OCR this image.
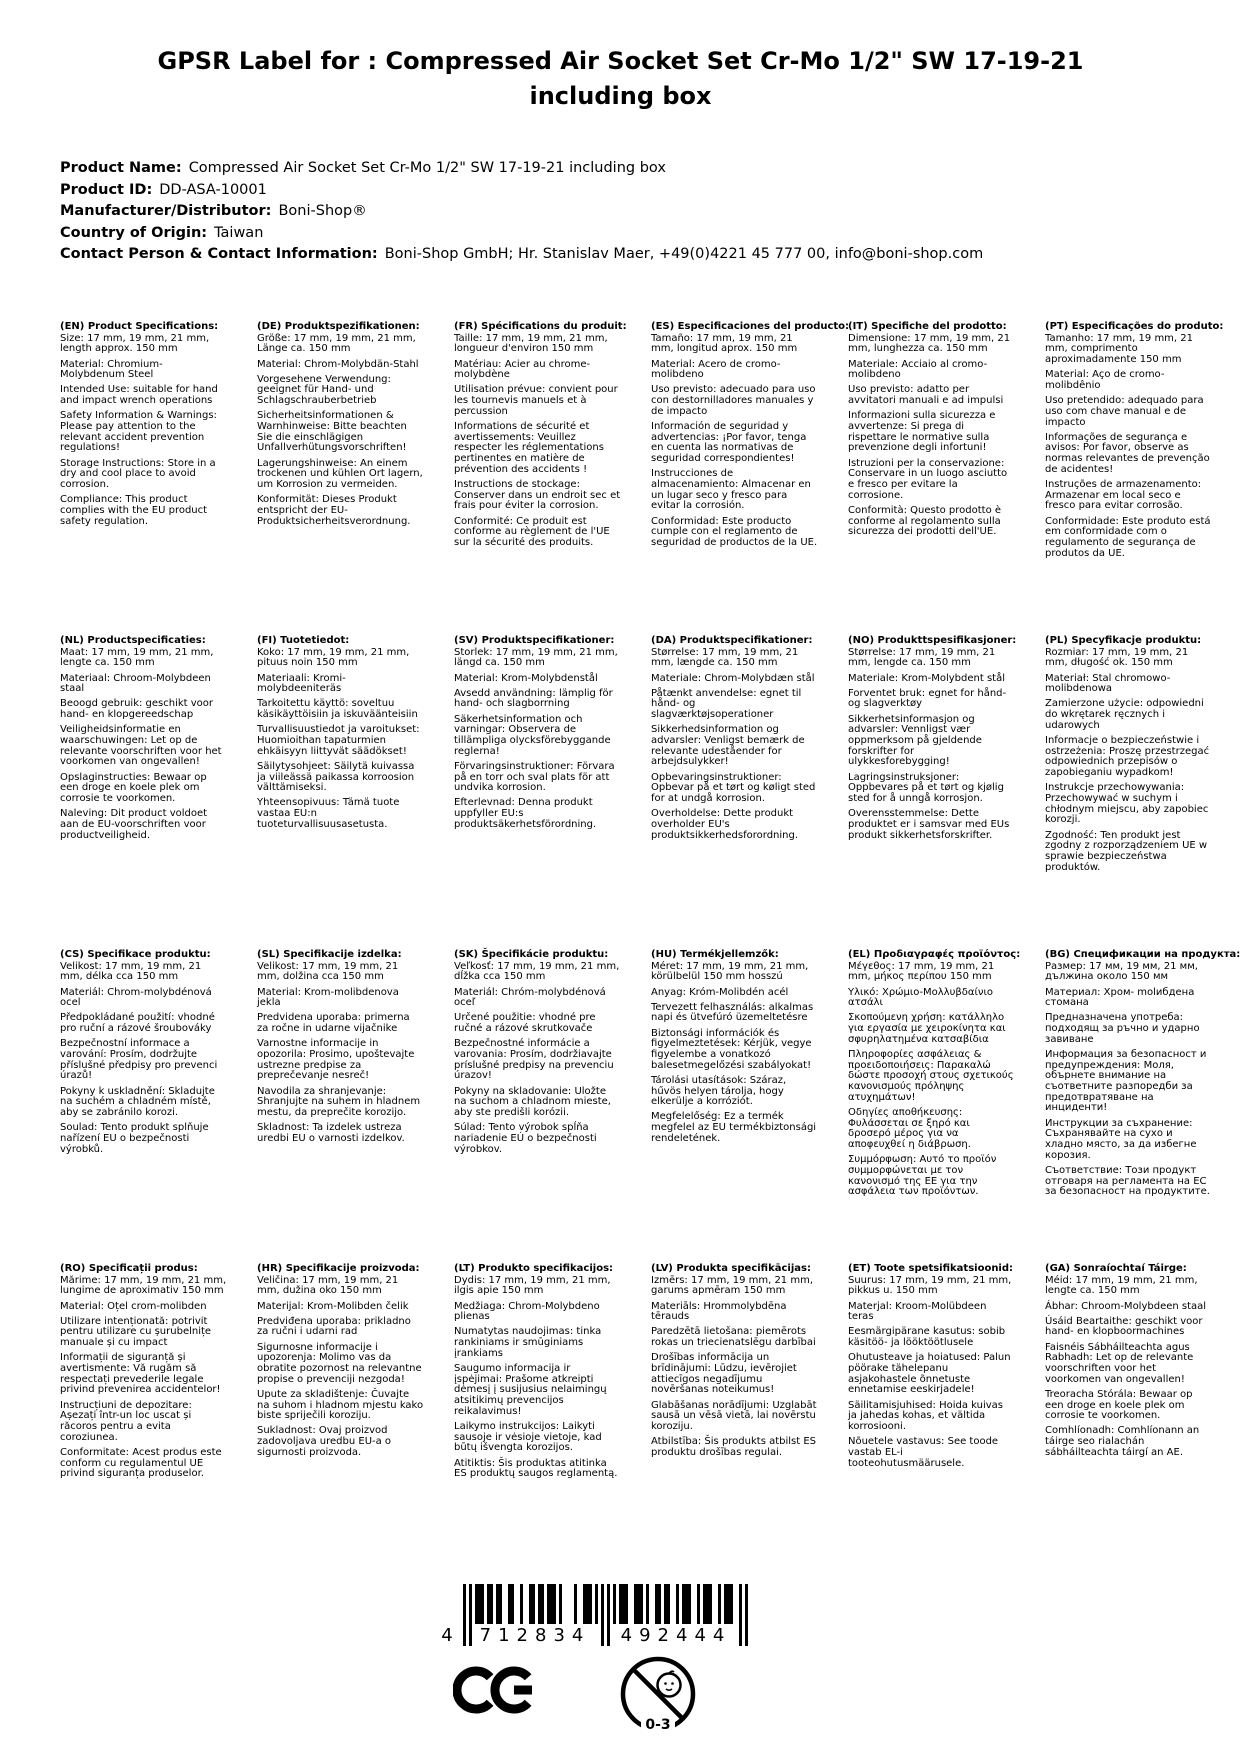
GPSR Label for : Compressed Air Socket Set Cr-Mo 1/2" SW 17-19-21 including box
Product Name: Compressed Air Socket Set Cr-Mo 1/2" SW 17-19-21 including box
Product ID: DD-ASA-10001
Manufacturer/Distributor: Boni-Shop®
Country of Origin: Taiwan
Contact Person & Contact Information: Boni-Shop GmbH; Hr. Stanislav Maer, +49(0)4221 45 777 00, info@boni-shop.com
(EN) Product Specifications:

Size: 17 mm, 19 mm, 21 mm, length approx. 150 mm

Material: Chromium-Molybdenum Steel

Intended Use: suitable for hand and impact wrench operations

Safety Information & Warnings: Please pay attention to the relevant accident prevention regulations!

Storage Instructions: Store in a dry and cool place to avoid corrosion.

Compliance: This product complies with the EU product safety regulation.

(DE) Produktspezifikationen:

Größe: 17 mm, 19 mm, 21 mm, Länge ca. 150 mm

Material: Chrom-Molybdän-Stahl

Vorgesehene Verwendung: geeignet für Hand- und Schlagschrauberbetrieb

Sicherheitsinformationen & Warnhinweise: Bitte beachten Sie die einschlägigen Unfallverhütungsvorschriften!

Lagerungshinweise: An einem trockenen und kühlen Ort lagern, um Korrosion zu vermeiden.

Konformität: Dieses Produkt entspricht der EU-Produktsicherheitsverordnung.

(FR) Spécifications du produit:

Taille: 17 mm, 19 mm, 21 mm, longueur d'environ 150 mm

Matériau: Acier au chrome-molybdène

Utilisation prévue: convient pour les tournevis manuels et à percussion

Informations de sécurité et avertissements: Veuillez respecter les réglementations pertinentes en matière de prévention des accidents !

Instructions de stockage: Conserver dans un endroit sec et frais pour éviter la corrosion.

Conformité: Ce produit est conforme au règlement de l'UE sur la sécurité des produits.

(ES) Especificaciones del producto:

Tamaño: 17 mm, 19 mm, 21 mm, longitud aprox. 150 mm

Material: Acero de cromo-molibdeno

Uso previsto: adecuado para uso con destornilladores manuales y de impacto

Información de seguridad y advertencias: ¡Por favor, tenga en cuenta las normativas de seguridad correspondientes!

Instrucciones de almacenamiento: Almacenar en un lugar seco y fresco para evitar la corrosión.

Conformidad: Este producto cumple con el reglamento de seguridad de productos de la UE.

(IT) Specifiche del prodotto:

Dimensione: 17 mm, 19 mm, 21 mm, lunghezza ca. 150 mm

Materiale: Acciaio al cromo-molibdeno

Uso previsto: adatto per avvitatori manuali e ad impulsi

Informazioni sulla sicurezza e avvertenze: Si prega di rispettare le normative sulla prevenzione degli infortuni!

Istruzioni per la conservazione: Conservare in un luogo asciutto e fresco per evitare la corrosione.

Conformità: Questo prodotto è conforme al regolamento sulla sicurezza dei prodotti dell'UE.

(PT) Especificações do produto:

Tamanho: 17 mm, 19 mm, 21 mm, comprimento aproximadamente 150 mm

Material: Aço de cromo-molibdênio

Uso pretendido: adequado para uso com chave manual e de impacto

Informações de segurança e avisos: Por favor, observe as normas relevantes de prevenção de acidentes!

Instruções de armazenamento: Armazenar em local seco e fresco para evitar corrosão.

Conformidade: Este produto está em conformidade com o regulamento de segurança de produtos da UE.

(NL) Productspecificaties:

Maat: 17 mm, 19 mm, 21 mm, lengte ca. 150 mm

Materiaal: Chroom-Molybdeen staal

Beoogd gebruik: geschikt voor hand- en klopgereedschap

Veiligheidsinformatie en waarschuwingen: Let op de relevante voorschriften voor het voorkomen van ongevallen!

Opslaginstructies: Bewaar op een droge en koele plek om corrosie te voorkomen.

Naleving: Dit product voldoet aan de EU-voorschriften voor productveiligheid.

(FI) Tuotetiedot:

Koko: 17 mm, 19 mm, 21 mm, pituus noin 150 mm

Materiaali: Kromi-molybdeeniteräs

Tarkoitettu käyttö: soveltuu käsikäyttöisiin ja iskuväänteisiin

Turvallisuustiedot ja varoitukset: Huomioithan tapaturmien ehkäisyyn liittyvät säädökset!

Säilytysohjeet: Säilytä kuivassa ja viileässä paikassa korroosion välttämiseksi.

Yhteensopivuus: Tämä tuote vastaa EU:n tuoteturvallisuusasetusta.

(SV) Produktspecifikationer:

Storlek: 17 mm, 19 mm, 21 mm, längd ca. 150 mm

Material: Krom-Molybdenstål

Avsedd användning: lämplig för hand- och slagborrning

Säkerhetsinformation och varningar: Observera de tillämpliga olycksförebyggande reglerna!

Förvaringsinstruktioner: Förvara på en torr och sval plats för att undvika korrosion.

Efterlevnad: Denna produkt uppfyller EU:s produktsäkerhetsförordning.

(DA) Produktspecifikationer:

Størrelse: 17 mm, 19 mm, 21 mm, længde ca. 150 mm

Materiale: Chrom-Molybdæn stål

Påtænkt anvendelse: egnet til hånd- og slagværktøjsoperationer

Sikkerhedsinformation og advarsler: Venligst bemærk de relevante udeståender for arbejdsulykker!

Opbevaringsinstruktioner: Opbevar på et tørt og køligt sted for at undgå korrosion.

Overholdelse: Dette produkt overholder EU's produktsikkerhedsforordning.

(NO) Produkttspesifikasjoner:

Størrelse: 17 mm, 19 mm, 21 mm, lengde ca. 150 mm

Materiale: Krom-Molybdent stål

Forventet bruk: egnet for hånd- og slagverktøy

Sikkerhetsinformasjon og advarsler: Vennligst vær oppmerksom på gjeldende forskrifter for ulykkesforebygging!

Lagringsinstruksjoner: Oppbevares på et tørt og kjølig sted for å unngå korrosjon.

Overensstemmelse: Dette produktet er i samsvar med EUs produkt sikkerhetsforskrifter.

(PL) Specyfikacje produktu:

Rozmiar: 17 mm, 19 mm, 21 mm, długość ok. 150 mm

Materiał: Stal chromowo-molibdenowa

Zamierzone użycie: odpowiedni do wkrętarek ręcznych i udarowych

Informacje o bezpieczeństwie i ostrzeżenia: Proszę przestrzegać odpowiednich przepisów o zapobieganiu wypadkom!

Instrukcje przechowywania: Przechowywać w suchym i chłodnym miejscu, aby zapobiec korozji.

Zgodność: Ten produkt jest zgodny z rozporządzeniem UE w sprawie bezpieczeństwa produktów.

(CS) Specifikace produktu:

Velikost: 17 mm, 19 mm, 21 mm, délka cca 150 mm

Materiál: Chrom-molybdénová ocel

Předpokládané použití: vhodné pro ruční a rázové šroubováky

Bezpečnostní informace a varování: Prosím, dodržujte příslušné předpisy pro prevenci úrazů!

Pokyny k uskladnění: Skladujte na suchém a chladném místě, aby se zabránilo korozi.

Soulad: Tento produkt splňuje nařízení EU o bezpečnosti výrobků.

(SL) Specifikacije izdelka:

Velikost: 17 mm, 19 mm, 21 mm, dolžina cca 150 mm

Material: Krom-molibdenova jekla

Predvidena uporaba: primerna za ročne in udarne vijačnike

Varnostne informacije in opozorila: Prosimo, upoštevajte ustrezne predpise za preprečevanje nesreč!

Navodila za shranjevanje: Shranjujte na suhem in hladnem mestu, da preprečite korozijo.

Skladnost: Ta izdelek ustreza uredbi EU o varnosti izdelkov.

(SK) Špecifikácie produktu:

Veľkosť: 17 mm, 19 mm, 21 mm, dĺžka cca 150 mm

Materiál: Chróm-molybdénová oceľ

Určené použitie: vhodné pre ručné a rázové skrutkovače

Bezpečnostné informácie a varovania: Prosím, dodržiavajte príslušné predpisy na prevenciu úrazov!

Pokyny na skladovanie: Uložte na suchom a chladnom mieste, aby ste predišli korózii.

Súlad: Tento výrobok spĺňa nariadenie EÚ o bezpečnosti výrobkov.

(HU) Termékjellemzők:

Méret: 17 mm, 19 mm, 21 mm, körülbelül 150 mm hosszú

Anyag: Króm-Molibdén acél

Tervezett felhasználás: alkalmas napi és ütvefúró üzemeltetésre

Biztonsági információk és figyelmeztetések: Kérjük, vegye figyelembe a vonatkozó balesetmegelőzési szabályokat!

Tárolási utasítások: Száraz, hűvös helyen tárolja, hogy elkerülje a korróziót.

Megfelelőség: Ez a termék megfelel az EU termékbiztonsági rendeletének.

(EL) Προδιαγραφές προϊόντος:

Μέγεθος: 17 mm, 19 mm, 21 mm, μήκος περίπου 150 mm

Υλικό: Χρώμιο-Μολλυβδαίνιο ατσάλι

Σκοπούμενη χρήση: κατάλληλο για εργασία με χειροκίνητα και σφυρηλατημένα κατσαβίδια

Πληροφορίες ασφάλειας & προειδοποιήσεις: Παρακαλώ δώστε προσοχή στους σχετικούς κανονισμούς πρόληψης ατυχημάτων!

Οδηγίες αποθήκευσης: Φυλάσσεται σε ξηρό και δροσερό μέρος για να αποφευχθεί η διάβρωση.

Συμμόρφωση: Αυτό το προϊόν συμμορφώνεται με τον κανονισμό της ΕΕ για την ασφάλεια των προϊόντων.

(BG) Спецификации на продукта:

Размер: 17 мм, 19 мм, 21 мм, дължина около 150 мм

Материал: Хром- molибдена стомана

Предназначена употреба: подходящ за ръчно и ударно завиване

Информация за безопасност и предупреждения: Моля, обърнете внимание на съответните разпоредби за предотвратяване на инциденти!

Инструкции за съхранение: Съхранявайте на сухо и хладно място, за да избегне корозия.

Съответствие: Този продукт отговаря на регламента на ЕС за безопасност на продуктите.

(RO) Specificații produs:

Mărime: 17 mm, 19 mm, 21 mm, lungime de aproximativ 150 mm

Material: Oțel crom-molibden

Utilizare intenționată: potrivit pentru utilizare cu șurubelnițe manuale și cu impact

Informații de siguranță și avertismente: Vă rugăm să respectați prevederile legale privind prevenirea accidentelor!

Instrucțiuni de depozitare: Așezați într-un loc uscat și răcoros pentru a evita coroziunea.

Conformitate: Acest produs este conform cu regulamentul UE privind siguranța produselor.

(HR) Specifikacije proizvoda:

Veličina: 17 mm, 19 mm, 21 mm, dužina oko 150 mm

Materijal: Krom-Molibden čelik

Predviđena uporaba: prikladno za ručni i udarni rad

Sigurnosne informacije i upozorenja: Molimo vas da obratite pozornost na relevantne propise o prevenciji nezgoda!

Upute za skladištenje: Čuvajte na suhom i hladnom mjestu kako biste spriječili koroziju.

Sukladnost: Ovaj proizvod zadovoljava uredbu EU-a o sigurnosti proizvoda.

(LT) Produkto specifikacijos:

Dydis: 17 mm, 19 mm, 21 mm, ilgis apie 150 mm

Medžiaga: Chrom-Molybdeno plienas

Numatytas naudojimas: tinka rankiniams ir smūginiams įrankiams

Saugumo informacija ir įspėjimai: Prašome atkreipti dėmesį į susijusius nelaimingų atsitikimų prevencijos reikalavimus!

Laikymo instrukcijos: Laikyti sausoje ir vėsioje vietoje, kad būtų išvengta korozijos.

Atitiktis: Šis produktas atitinka ES produktų saugos reglamentą.

(LV) Produkta specifikācijas:

Izmērs: 17 mm, 19 mm, 21 mm, garums apmēram 150 mm

Materiāls: Hrommolybdēna tērauds

Paredzētā lietošana: piemērots rokas un triecienatslēgu darbībai

Drošības informācija un brīdinājumi: Lūdzu, ievērojiet attiecīgos negadījumu novēršanas noteikumus!

Glabāšanas norādījumi: Uzglabāt sausā un vēsā vietā, lai novērstu koroziju.

Atbilstība: Šis produkts atbilst ES produktu drošības regulai.

(ET) Toote spetsifikatsioonid:

Suurus: 17 mm, 19 mm, 21 mm, pikkus u. 150 mm

Materjal: Kroom-Molübdeen teras

Eesmärgipärane kasutus: sobib käsitöö- ja lööktöötlusele

Ohutusteave ja hoiatused: Palun pöörake tähelepanu asjakohastele õnnetuste ennetamise eeskirjadele!

Säilitamisjuhised: Hoida kuivas ja jahedas kohas, et vältida korrosiooni.

Nõuetele vastavus: See toode vastab EL-i tooteohutusmäärusele.

(GA) Sonraíochtaí Táirge:

Méid: 17 mm, 19 mm, 21 mm, lengte ca. 150 mm

Ábhar: Chroom-Molybdeen staal

Úsáid Beartaithe: geschikt voor hand- en klopboormachines

Faisnéis Sábháilteachta agus Rabhadh: Let op de relevante voorschriften voor het voorkomen van ongevallen!

Treoracha Stórála: Bewaar op een droge en koele plek om corrosie te voorkomen.

Comhlíonadh: Comhlíonann an táirge seo rialachán sábháilteachta táirgí an AE.

4	712834	492444
0-3
